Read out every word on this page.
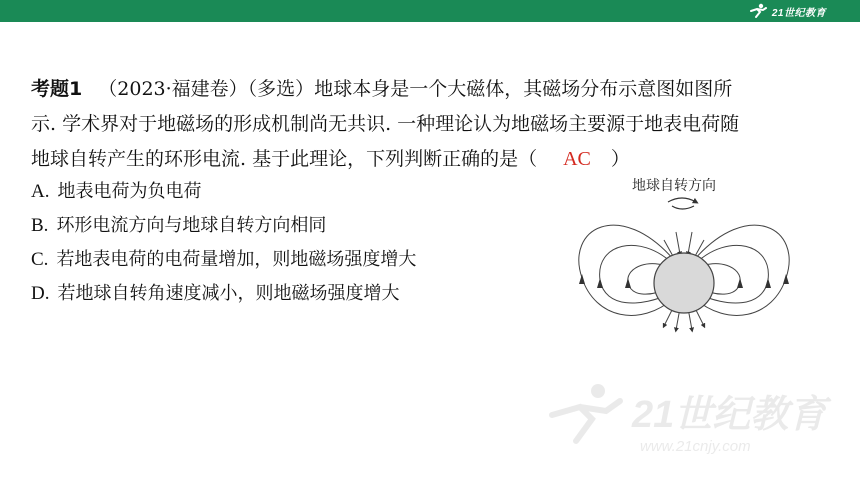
21世纪教育
考题1 （2023·福建卷）（多选）地球本身是一个大磁体，其磁场分布示意图如图所
示. 学术界对于地磁场的形成机制尚无共识. 一种理论认为地磁场主要源于地表电荷随
地球自转产生的环形电流. 基于此理论，下列判断正确的是（ AC ）
A. 地表电荷为负电荷
B. 环形电流方向与地球自转方向相同
C. 若地表电荷的电荷量增加，则地磁场强度增大
D. 若地球自转角速度减小，则地磁场强度增大
地球自转方向
21世纪教育
www.21cnjy.com
